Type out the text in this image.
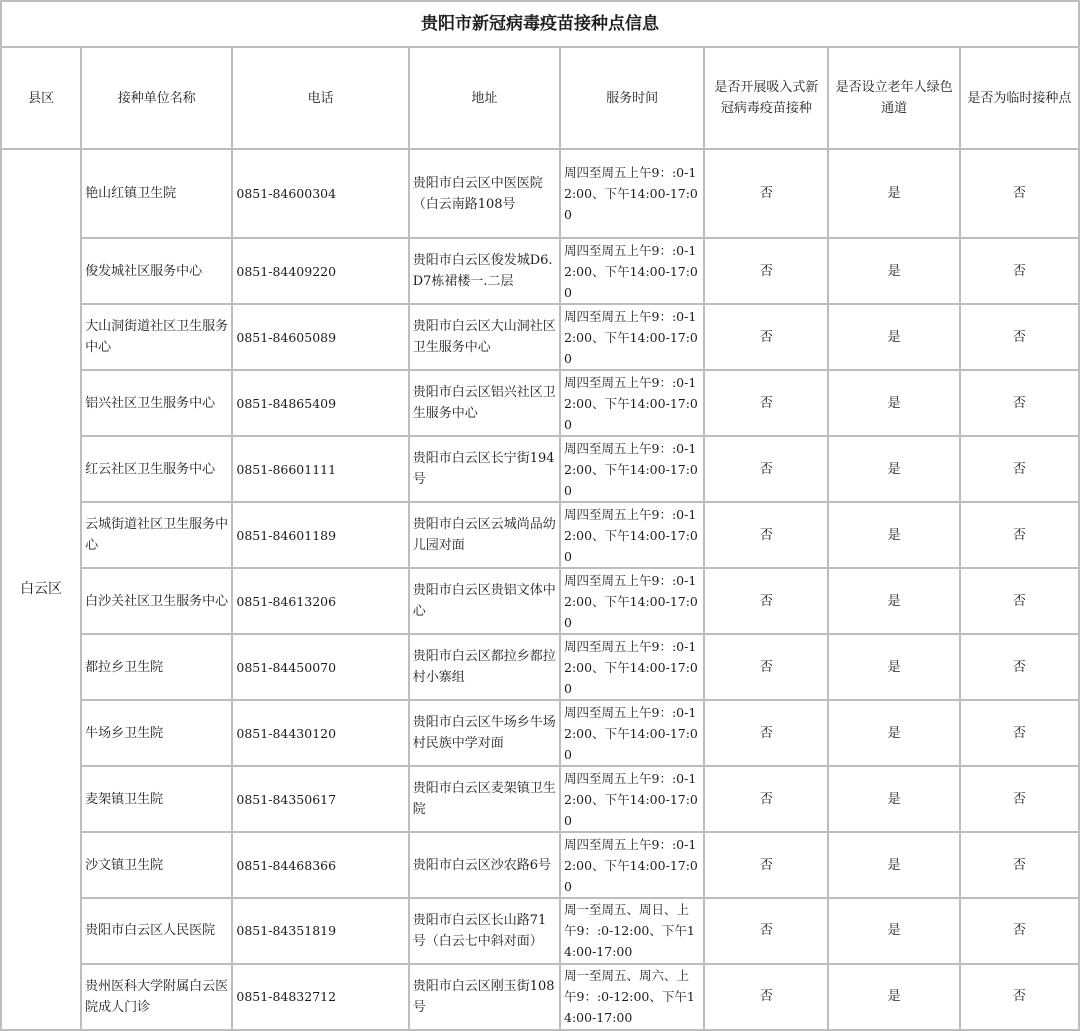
贵阳市新冠病毒疫苗接种点信息							
县区	接种单位名称	电话	地址	服务时间	是否开展吸入式新冠病毒疫苗接种	是否设立老年人绿色通道	是否为临时接种点
白云区	艳山红镇卫生院	0851-84600304	贵阳市白云区中医医院（白云南路108号	周四至周五上午9：:0-12:00、下午14:00-17:00	否	是	否
	俊发城社区服务中心	0851-84409220	贵阳市白云区俊发城D6.D7栋裙楼一.二层	周四至周五上午9：:0-12:00、下午14:00-17:00	否	是	否
	大山洞街道社区卫生服务中心	0851-84605089	贵阳市白云区大山洞社区卫生服务中心	周四至周五上午9：:0-12:00、下午14:00-17:00	否	是	否
	铝兴社区卫生服务中心	0851-84865409	贵阳市白云区铝兴社区卫生服务中心	周四至周五上午9：:0-12:00、下午14:00-17:00	否	是	否
	红云社区卫生服务中心	0851-86601111	贵阳市白云区长宁街194号	周四至周五上午9：:0-12:00、下午14:00-17:00	否	是	否
	云城街道社区卫生服务中心	0851-84601189	贵阳市白云区云城尚品幼儿园对面	周四至周五上午9：:0-12:00、下午14:00-17:00	否	是	否
	白沙关社区卫生服务中心	0851-84613206	贵阳市白云区贵铝文体中心	周四至周五上午9：:0-12:00、下午14:00-17:00	否	是	否
	都拉乡卫生院	0851-84450070	贵阳市白云区都拉乡都拉村小寨组	周四至周五上午9：:0-12:00、下午14:00-17:00	否	是	否
	牛场乡卫生院	0851-84430120	贵阳市白云区牛场乡牛场村民族中学对面	周四至周五上午9：:0-12:00、下午14:00-17:00	否	是	否
	麦架镇卫生院	0851-84350617	贵阳市白云区麦架镇卫生院	周四至周五上午9：:0-12:00、下午14:00-17:00	否	是	否
	沙文镇卫生院	0851-84468366	贵阳市白云区沙农路6号	周四至周五上午9：:0-12:00、下午14:00-17:00	否	是	否
	贵阳市白云区人民医院	0851-84351819	贵阳市白云区长山路71号（白云七中斜对面）	周一至周五、周日、上午9：:0-12:00、下午14:00-17:00	否	是	否
	贵州医科大学附属白云医院成人门诊	0851-84832712	贵阳市白云区刚玉街108号	周一至周五、周六、上午9：:0-12:00、下午14:00-17:00	否	是	否
